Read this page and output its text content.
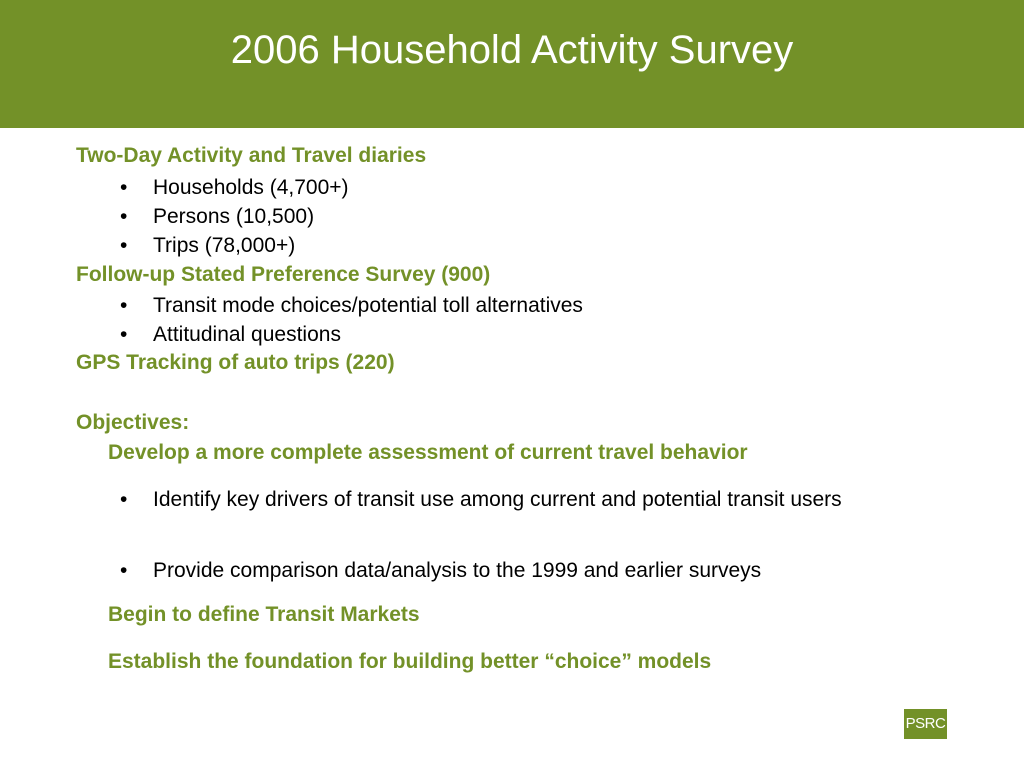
2006 Household Activity Survey
Two-Day Activity and Travel diaries
• Households (4,700+)
• Persons (10,500)
• Trips (78,000+)
Follow-up Stated Preference Survey (900)
• Transit mode choices/potential toll alternatives
• Attitudinal questions
GPS Tracking of auto trips (220)
Objectives:
Develop a more complete assessment of current travel behavior
• Identify key drivers of transit use among current and potential transit users
• Provide comparison data/analysis to the 1999 and earlier surveys
Begin to define Transit Markets
Establish the foundation for building better “choice” models
PSRC
